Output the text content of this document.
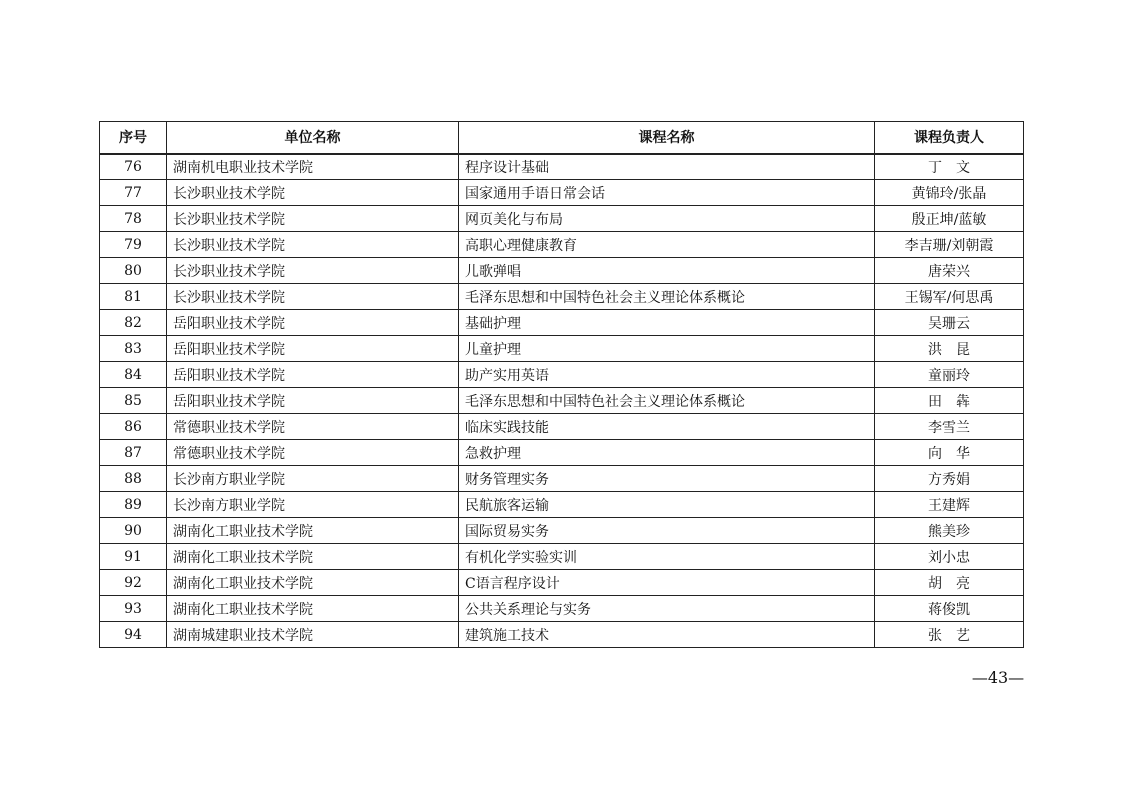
序号	单位名称	课程名称	课程负责人
76	湖南机电职业技术学院	程序设计基础	丁　文
77	长沙职业技术学院	国家通用手语日常会话	黄锦玲/张晶
78	长沙职业技术学院	网页美化与布局	殷正坤/蓝敏
79	长沙职业技术学院	高职心理健康教育	李吉珊/刘朝霞
80	长沙职业技术学院	儿歌弹唱	唐荣兴
81	长沙职业技术学院	毛泽东思想和中国特色社会主义理论体系概论	王锡军/何思禹
82	岳阳职业技术学院	基础护理	吴珊云
83	岳阳职业技术学院	儿童护理	洪　昆
84	岳阳职业技术学院	助产实用英语	童丽玲
85	岳阳职业技术学院	毛泽东思想和中国特色社会主义理论体系概论	田　犇
86	常德职业技术学院	临床实践技能	李雪兰
87	常德职业技术学院	急救护理	向　华
88	长沙南方职业学院	财务管理实务	方秀娟
89	长沙南方职业学院	民航旅客运输	王建辉
90	湖南化工职业技术学院	国际贸易实务	熊美珍
91	湖南化工职业技术学院	有机化学实验实训	刘小忠
92	湖南化工职业技术学院	C语言程序设计	胡　亮
93	湖南化工职业技术学院	公共关系理论与实务	蒋俊凯
94	湖南城建职业技术学院	建筑施工技术	张　艺
—43—
